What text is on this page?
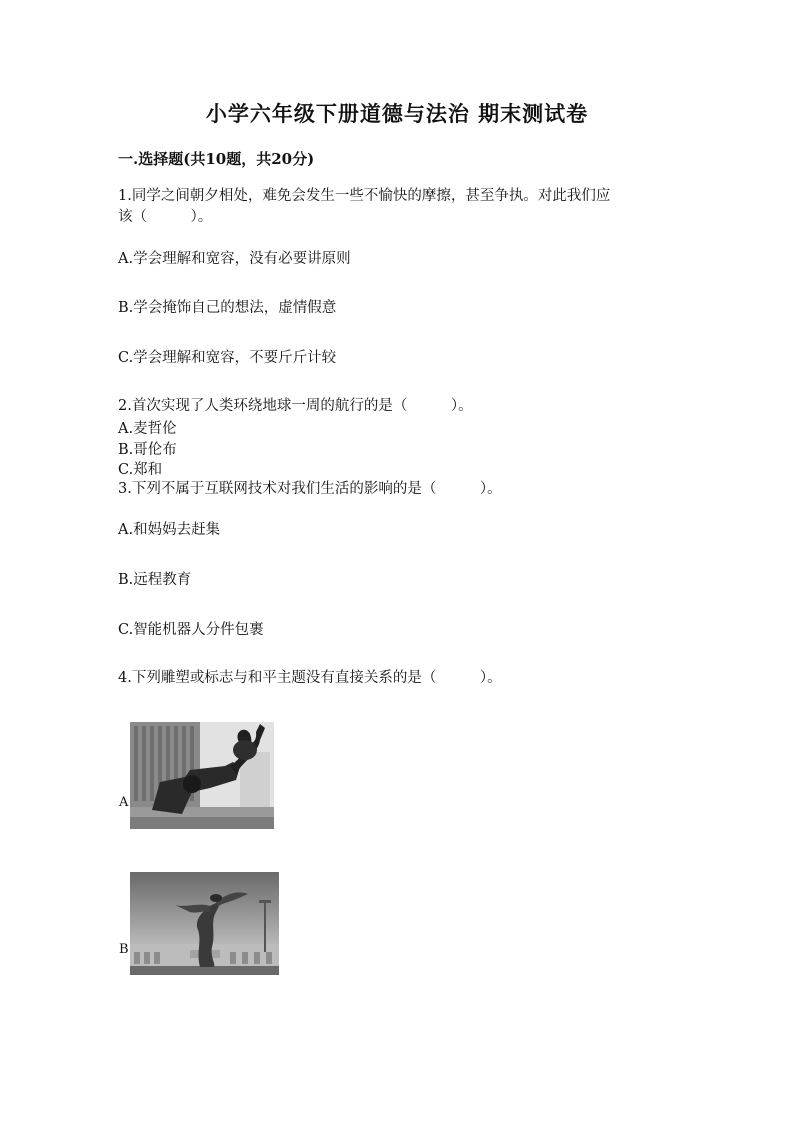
小学六年级下册道德与法治 期末测试卷
一.选择题(共10题，共20分)
1.同学之间朝夕相处，难免会发生一些不愉快的摩擦，甚至争执。对此我们应
该（　　　）。
A.学会理解和宽容，没有必要讲原则
B.学会掩饰自己的想法，虚情假意
C.学会理解和宽容，不要斤斤计较
2.首次实现了人类环绕地球一周的航行的是（　　　）。
A.麦哲伦
B.哥伦布
C.郑和
3.下列不属于互联网技术对我们生活的影响的是（　　　）。
A.和妈妈去赶集
B.远程教育
C.智能机器人分件包裹
4.下列雕塑或标志与和平主题没有直接关系的是（　　　）。
A
B
